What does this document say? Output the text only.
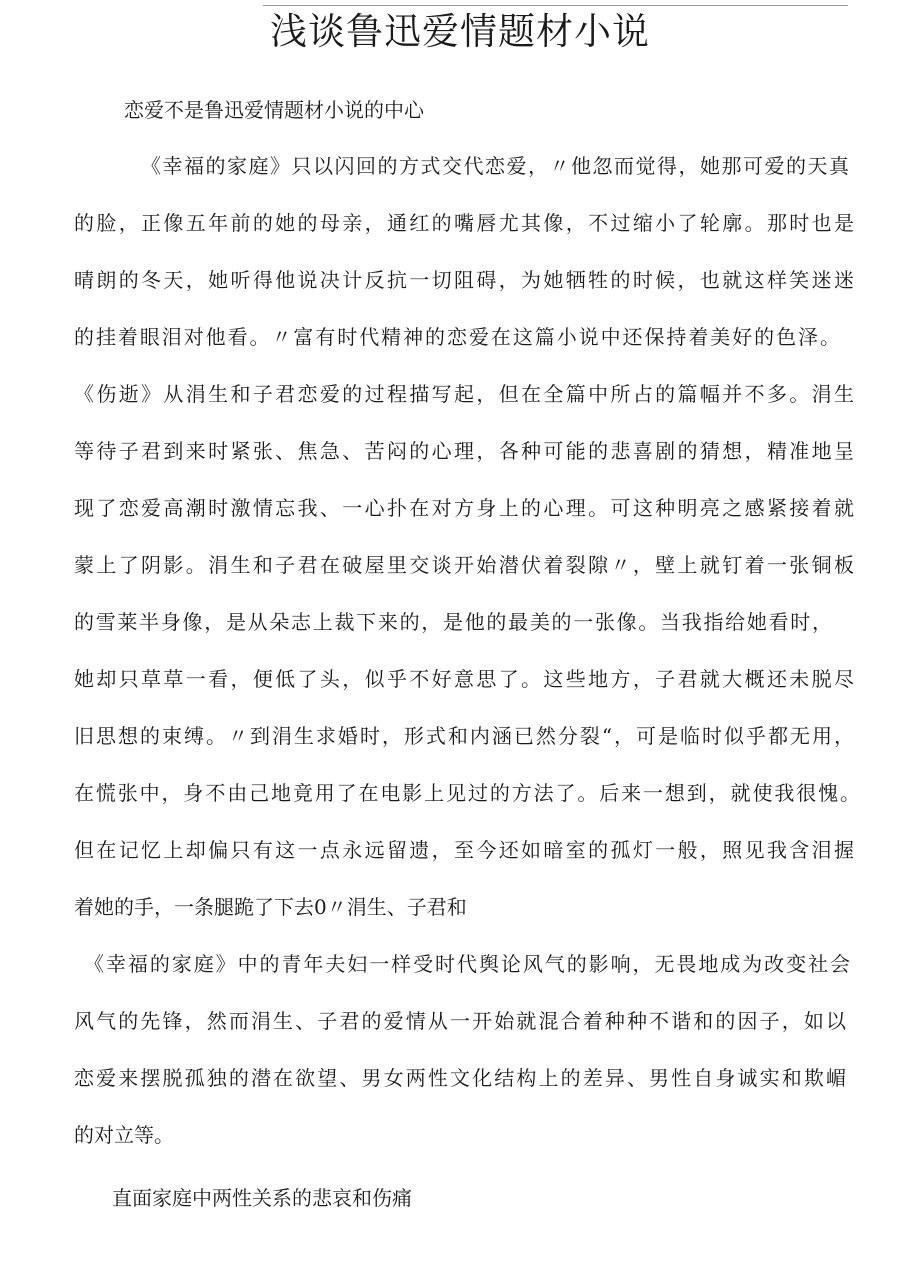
浅谈鲁迅爱情题材小说
恋爱不是鲁迅爱情题材小说的中心
《幸福的家庭》只以闪回的方式交代恋爱，〃他忽而觉得，她那可爱的天真
的脸，正像五年前的她的母亲，通红的嘴唇尤其像，不过缩小了轮廓。那时也是
晴朗的冬天，她听得他说决计反抗一切阻碍，为她牺牲的时候，也就这样笑迷迷
的挂着眼泪对他看。〃富有时代精神的恋爱在这篇小说中还保持着美好的色泽。
《伤逝》从涓生和子君恋爱的过程描写起，但在全篇中所占的篇幅并不多。涓生
等待子君到来时紧张、焦急、苦闷的心理，各种可能的悲喜剧的猜想，精准地呈
现了恋爱高潮时激情忘我、一心扑在对方身上的心理。可这种明亮之感紧接着就
蒙上了阴影。涓生和子君在破屋里交谈开始潜伏着裂隙〃，壁上就钉着一张铜板
的雪莱半身像，是从朵志上裁下来的，是他的最美的一张像。当我指给她看时，
她却只草草一看，便低了头，似乎不好意思了。这些地方，子君就大概还未脱尽
旧思想的束缚。〃到涓生求婚时，形式和内涵已然分裂“，可是临时似乎都无用，
在慌张中，身不由己地竟用了在电影上见过的方法了。后来一想到，就使我很愧。
但在记忆上却偏只有这一点永远留遗，至今还如暗室的孤灯一般，照见我含泪握
着她的手，一条腿跪了下去0〃涓生、子君和
《幸福的家庭》中的青年夫妇一样受时代舆论风气的影响，无畏地成为改变社会
风气的先锋，然而涓生、子君的爱情从一开始就混合着种种不谐和的因子，如以
恋爱来摆脱孤独的潜在欲望、男女两性文化结构上的差异、男性自身诚实和欺嵋
的对立等。
直面家庭中两性关系的悲哀和伤痛
